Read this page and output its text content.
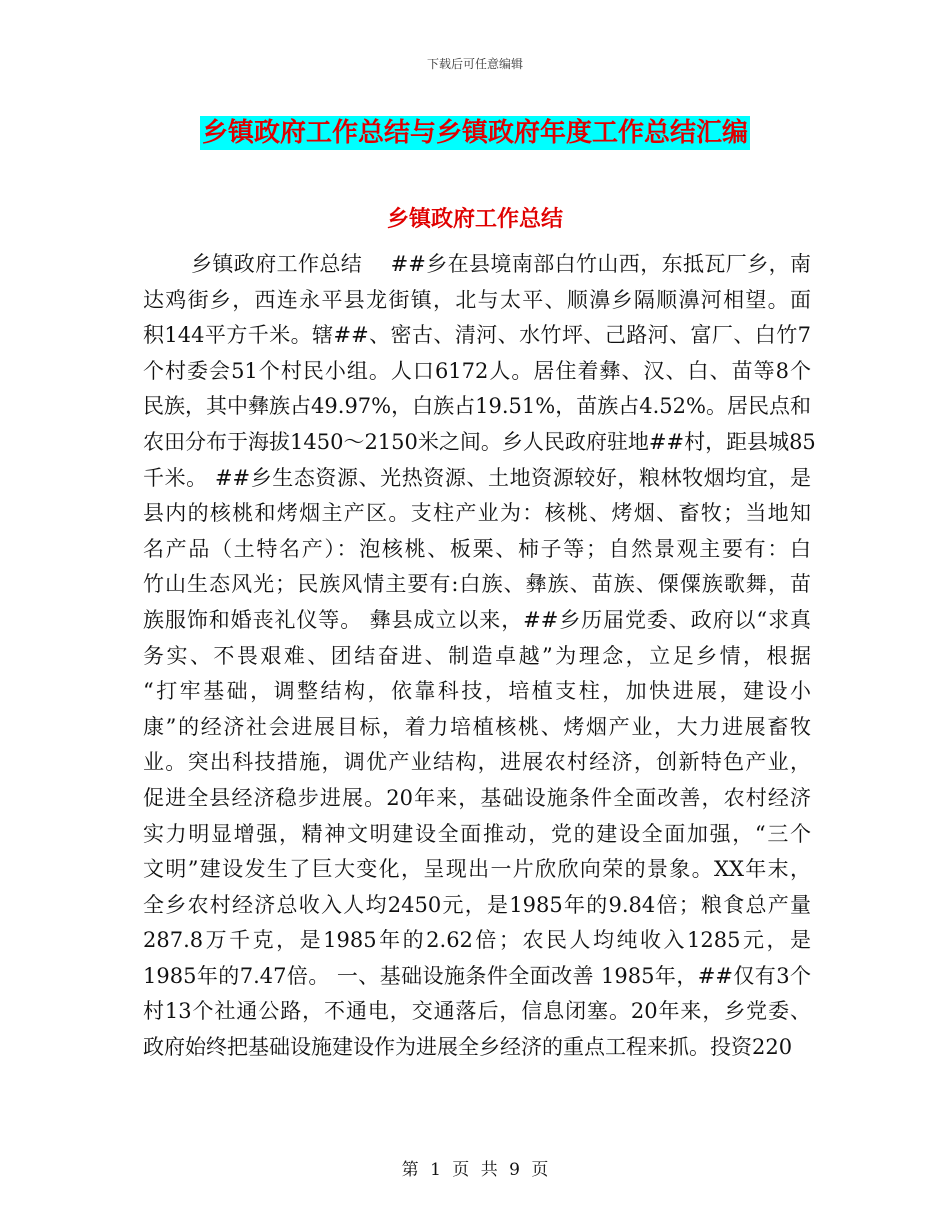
下载后可任意编辑
乡镇政府工作总结与乡镇政府年度工作总结汇编
乡镇政府工作总结
乡镇政府工作总结　 ##乡在县境南部白竹山西，东抵瓦厂乡，南
达鸡街乡，西连永平县龙街镇，北与太平、顺濞乡隔顺濞河相望。面
积144平方千米。辖##、密古、清河、水竹坪、己路河、富厂、白竹7
个村委会51个村民小组。人口6172人。居住着彝、汉、白、苗等8个
民族，其中彝族占49.97%，白族占19.51%，苗族占4.52%。居民点和
农田分布于海拔1450～2150米之间。乡人民政府驻地##村，距县城85
千米。 ##乡生态资源、光热资源、土地资源较好，粮林牧烟均宜，是
县内的核桃和烤烟主产区。支柱产业为：核桃、烤烟、畜牧；当地知
名产品（土特名产）：泡核桃、板栗、柿子等；自然景观主要有：白
竹山生态风光；民族风情主要有:白族、彝族、苗族、傈僳族歌舞，苗
族服饰和婚丧礼仪等。 彝县成立以来，##乡历届党委、政府以“求真
务实、不畏艰难、团结奋进、制造卓越”为理念，立足乡情，根据
“打牢基础，调整结构，依靠科技，培植支柱，加快进展，建设小
康”的经济社会进展目标，着力培植核桃、烤烟产业，大力进展畜牧
业。突出科技措施，调优产业结构，进展农村经济，创新特色产业，
促进全县经济稳步进展。20年来，基础设施条件全面改善，农村经济
实力明显增强，精神文明建设全面推动，党的建设全面加强，“三个
文明”建设发生了巨大变化，呈现出一片欣欣向荣的景象。XX年末，
全乡农村经济总收入人均2450元，是1985年的9.84倍；粮食总产量
287.8万千克，是1985年的2.62倍；农民人均纯收入1285元，是
1985年的7.47倍。 一、基础设施条件全面改善 1985年，##仅有3个
村13个社通公路，不通电，交通落后，信息闭塞。20年来，乡党委、
政府始终把基础设施建设作为进展全乡经济的重点工程来抓。投资220
第 1 页 共 9 页
